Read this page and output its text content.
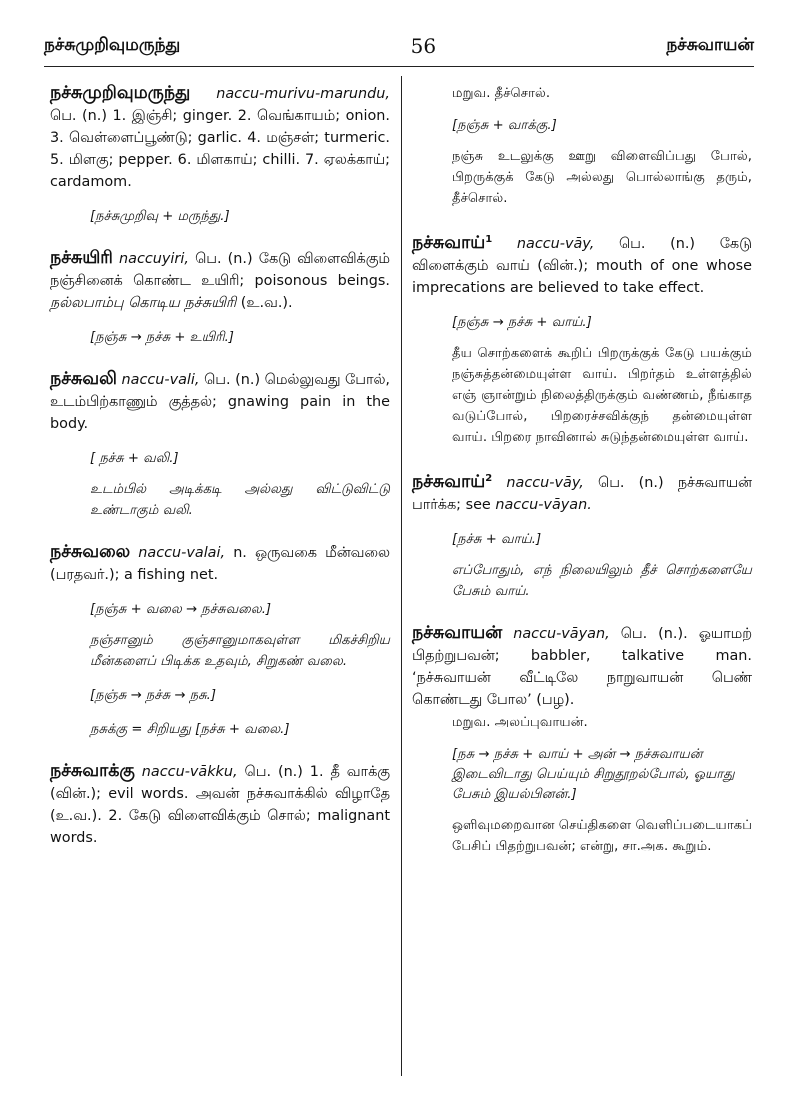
நச்சுமுறிவுமருந்து	56	நச்சுவாயன்

நச்சுமுறிவுமருந்து naccu-murivu-marundu, பெ. (n.) 1. இஞ்சி; ginger. 2. வெங்காயம்; onion. 3. வெள்ளைப்பூண்டு; garlic. 4. மஞ்சள்; turmeric. 5. மிளகு; pepper. 6. மிளகாய்; chilli. 7. ஏலக்காய்; cardamom.

[நச்சுமுறிவு + மருந்து.]

நச்சுயிரி naccuyiri, பெ. (n.) கேடு விளைவிக்கும் நஞ்சினைக் கொண்ட உயிரி; poisonous beings. நல்லபாம்பு கொடிய நச்சுயிரி (உ.வ.).

[நஞ்சு → நச்சு + உயிரி.]

நச்சுவலி naccu-vali, பெ. (n.) மெல்லுவது போல், உடம்பிற்காணும் குத்தல்; gnawing pain in the body.

[ நச்சு + வலி.]
உடம்பில் அடிக்கடி அல்லது விட்டுவிட்டு உண்டாகும் வலி.

நச்சுவலை naccu-valai, n. ஒருவகை மீன்வலை (பரதவர்.); a fishing net.

[நஞ்சு + வலை → நச்சுவலை.]
நஞ்சானும் குஞ்சானுமாகவுள்ள மிகச்சிறிய மீன்களைப் பிடிக்க உதவும், சிறுகண் வலை.
[நஞ்சு → நச்சு → நசு.]
நசுக்கு = சிறியது [நச்சு + வலை.]

நச்சுவாக்கு naccu-vākku, பெ. (n.) 1. தீ வாக்கு (வின்.); evil words. அவன் நச்சுவாக்கில் விழாதே (உ.வ.). 2. கேடு விளைவிக்கும் சொல்; malignant words.

மறுவ. தீச்சொல்.
[நஞ்சு + வாக்கு.]
நஞ்சு உடலுக்கு ஊறு விளைவிப்பது போல், பிறருக்குக் கேடு அல்லது பொல்லாங்கு தரும், தீச்சொல்.

நச்சுவாய்$^1$ naccu-vāy, பெ. (n.) கேடு விளைக்கும் வாய் (வின்.); mouth of one whose imprecations are believed to take effect.

[நஞ்சு → நச்சு + வாய்.]
தீய சொற்களைக் கூறிப் பிறருக்குக் கேடு பயக்கும் நஞ்சுத்தன்மையுள்ள வாய். பிறர்தம் உள்ளத்தில் எஞ் ஞான்றும் நிலைத்திருக்கும் வண்ணம், நீங்காத வடுப்போல், பிறரைச்சவிக்குந் தன்மையுள்ள வாய். பிறரை நாவினால் சுடுந்தன்மையுள்ள வாய்.

நச்சுவாய்$^2$ naccu-vāy, பெ. (n.) நச்சுவாயன் பார்க்க; see naccu-vāyan.

[நச்சு + வாய்.]
எப்போதும், எந் நிலையிலும் தீச் சொற்களையே பேசும் வாய்.

நச்சுவாயன் naccu-vāyan, பெ. (n.). ஓயாமற் பிதற்றுபவன்; babbler, talkative man. ‘நச்சுவாயன் வீட்டிலே நாறுவாயன் பெண் கொண்டது போல’ (பழ).

மறுவ. அலப்புவாயன்.
[நசு → நச்சு + வாய் + அன் → நச்சுவாயன் இடைவிடாது பெய்யும் சிறுதூறல்போல், ஓயாது பேசும் இயல்பினன்.]
ஒளிவுமறைவான செய்திகளை வெளிப்படையாகப் பேசிப் பிதற்றுபவன்; என்று, சா.அக. கூறும்.
